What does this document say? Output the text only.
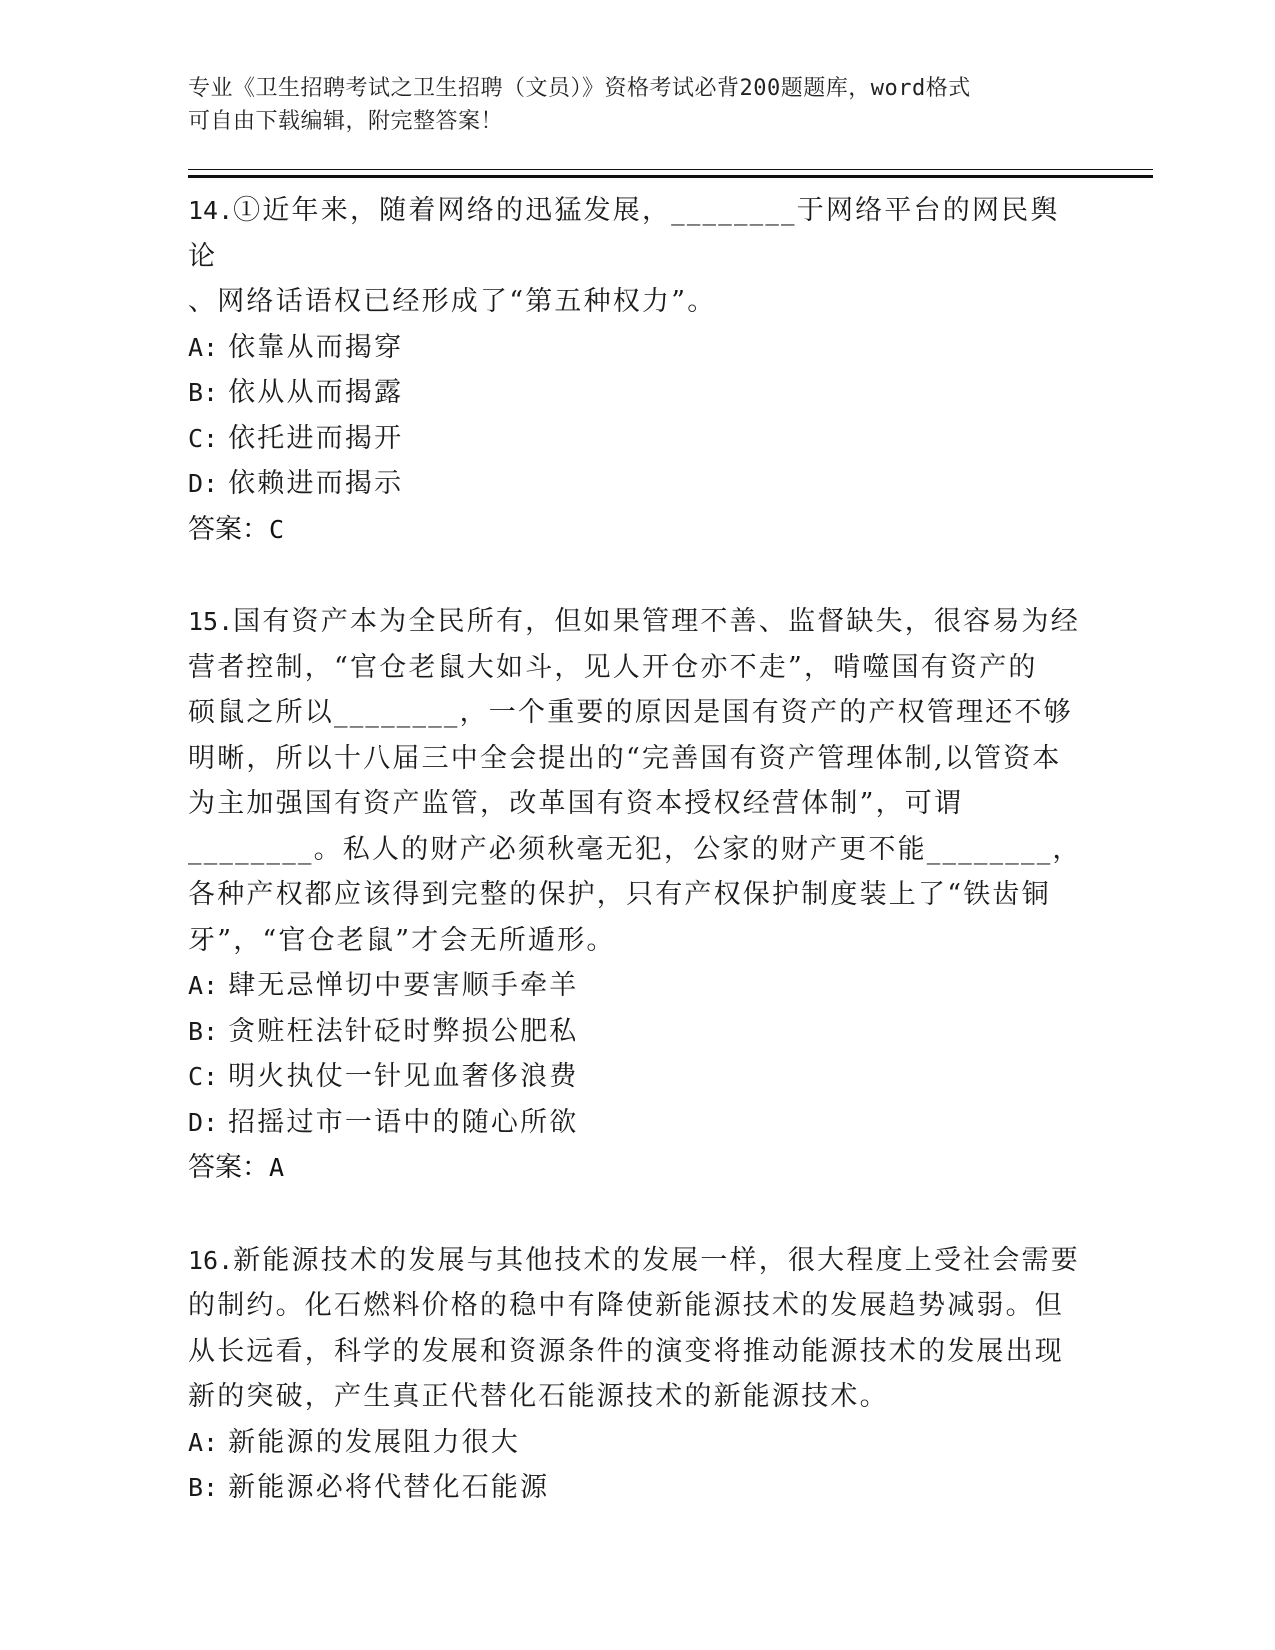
专业《卫生招聘考试之卫生招聘（文员）》资格考试必背200题题库，word格式
可自由下载编辑，附完整答案！

14.①近年来，随着网络的迅猛发展，________于网络平台的网民舆论
、网络话语权已经形成了“第五种权力”。

A: 依靠从而揭穿
B: 依从从而揭露
C: 依托进而揭开
D: 依赖进而揭示
答案：C

15.国有资产本为全民所有，但如果管理不善、监督缺失，很容易为经
营者控制，“官仓老鼠大如斗，见人开仓亦不走”，啃噬国有资产的
硕鼠之所以________，一个重要的原因是国有资产的产权管理还不够
明晰，所以十八届三中全会提出的“完善国有资产管理体制,以管资本
为主加强国有资产监管，改革国有资本授权经营体制”，可谓
________。私人的财产必须秋毫无犯，公家的财产更不能________，
各种产权都应该得到完整的保护，只有产权保护制度装上了“铁齿铜
牙”，“官仓老鼠”才会无所遁形。

A: 肆无忌惮切中要害顺手牵羊
B: 贪赃枉法针砭时弊损公肥私
C: 明火执仗一针见血奢侈浪费
D: 招摇过市一语中的随心所欲
答案：A

16.新能源技术的发展与其他技术的发展一样，很大程度上受社会需要
的制约。化石燃料价格的稳中有降使新能源技术的发展趋势减弱。但
从长远看，科学的发展和资源条件的演变将推动能源技术的发展出现
新的突破，产生真正代替化石能源技术的新能源技术。

A: 新能源的发展阻力很大
B: 新能源必将代替化石能源
